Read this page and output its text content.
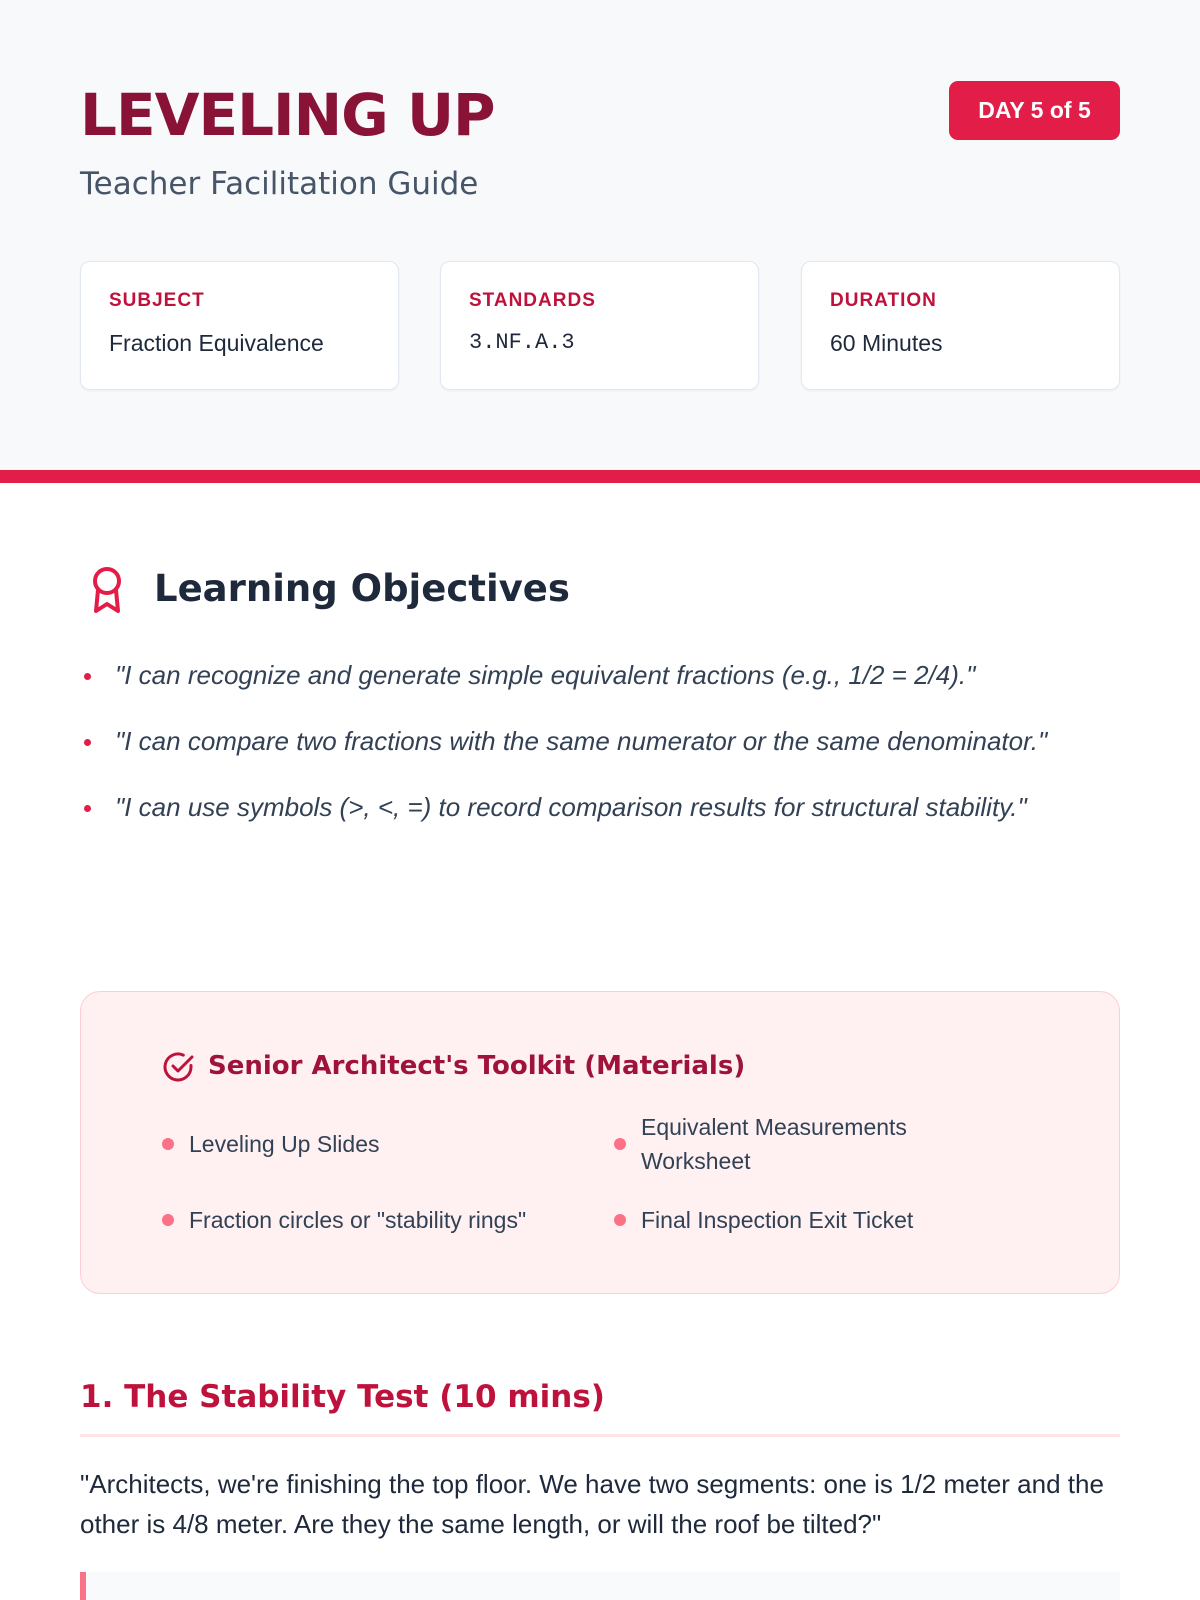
LEVELING UP
Teacher Facilitation Guide
DAY 5 of 5
SUBJECT
Fraction Equivalence
STANDARDS
3.NF.A.3
DURATION
60 Minutes
Learning Objectives
"I can recognize and generate simple equivalent fractions (e.g., 1/2 = 2/4)."
"I can compare two fractions with the same numerator or the same denominator."
"I can use symbols (>, <, =) to record comparison results for structural stability."
Senior Architect's Toolkit (Materials)
Leveling Up Slides
Equivalent Measurements Worksheet
Fraction circles or "stability rings"	Final Inspection Exit Ticket
1. The Stability Test (10 mins)

"Architects, we're finishing the top floor. We have two segments: one is 1/2 meter and the other is 4/8 meter. Are they the same length, or will the roof be tilted?"
